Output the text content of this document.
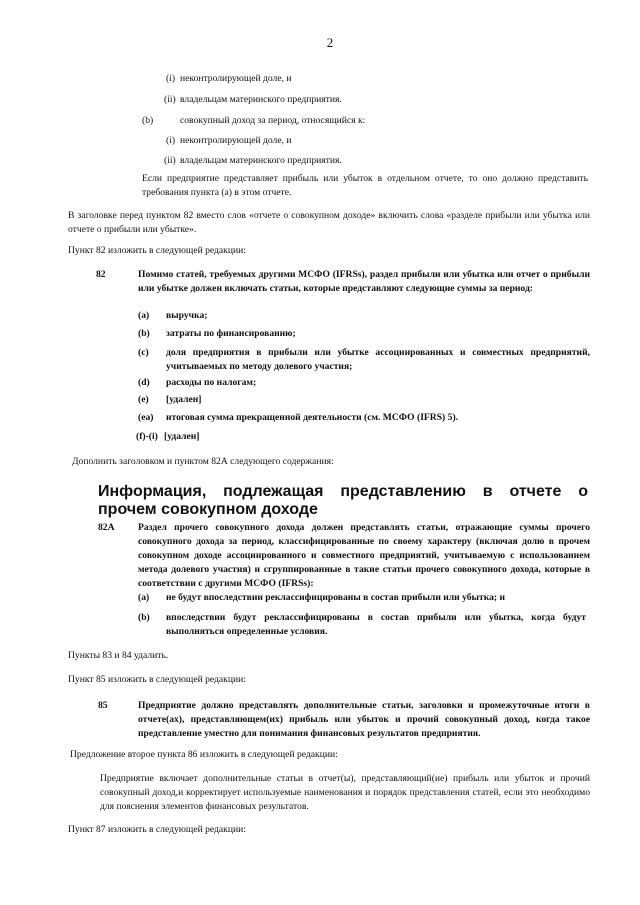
2
(i) неконтролирующей доле, и
(ii) владельцам материнского предприятия.
(b)	совокупный доход за период, относящийся к:
(i) неконтролирующей доле, и
(ii) владельцам материнского предприятия.

Если предприятие представляет прибыль или убыток в отдельном отчете, то оно должно представить требования пункта (а) в этом отчете.

В заголовке перед пунктом 82 вместо слов «отчете о совокупном доходе» включить слова «разделе прибыли или убытка или отчете о прибыли или убытке».

Пункт 82 изложить в следующей редакции:

82	Помимо статей, требуемых другими МСФО (IFRSs), раздел прибыли или убытка или отчет о прибыли или убытке должен включать статьи, которые представляют следующие суммы за период:

(a) выручка;
(b) затраты по финансированию;
(c) доля предприятия в прибыли или убытке ассоциированных и совместных предприятий, учитываемых по методу долевого участия;

(d) расходы по налогам;
(e) [удален]
(ea) итоговая сумма прекращенной деятельности (см. МСФО (IFRS) 5).
(f)-(i) [удален]

Дополнить заголовком и пунктом 82А следующего содержания:

Информация, подлежащая представлению в отчете о прочем совокупном доходе

82A Раздел прочего совокупного дохода должен представлять статьи, отражающие суммы прочего совокупного дохода за период, классифицированные по своему характеру (включая долю в прочем совокупном доходе ассоциированного и совместного предприятий, учитываемую с использованием метода долевого участия) и сгруппированные в такие статьи прочего совокупного дохода, которые в соответствии с другими МСФО (IFRSs):

(a) не будут впоследствии реклассифицированы в состав прибыли или убытка; и
(b) впоследствии будут реклассифицированы в состав прибыли или убытка, когда будут выполняться определенные условия.

Пункты 83 и 84 удалить.

Пункт 85 изложить в следующей редакции:

85	Предприятие должно представлять дополнительные статьи, заголовки и промежуточные итоги в отчете(ах), представляющем(их) прибыль или убыток и прочий совокупный доход, когда такое представление уместно для понимания финансовых результатов предприятия.

Предложение второе пункта 86 изложить в следующей редакции:

Предприятие включает дополнительные статьи в отчет(ы), представляющий(ие) прибыль или убыток и прочий совокупный доход,и корректирует используемые наименования и порядок представления статей, если это необходимо для пояснения элементов финансовых результатов.

Пункт 87 изложить в следующей редакции:
